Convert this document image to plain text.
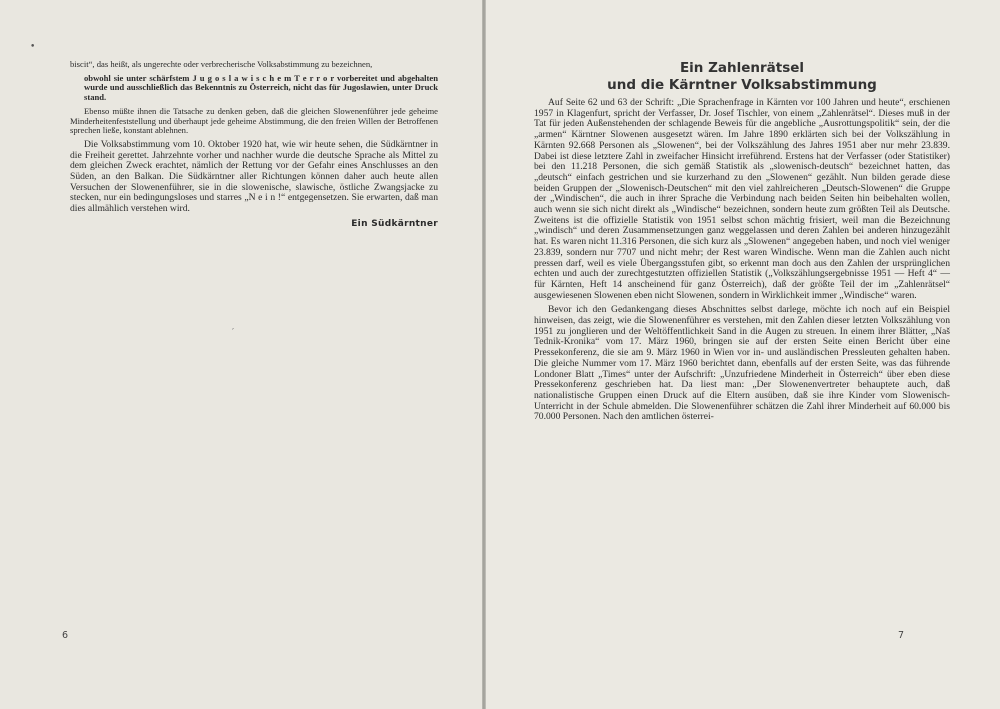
•

biscit“, das heißt, als ungerechte oder verbrecherische Volksabstimmung zu bezeichnen,

obwohl sie unter schärfstem J u g o s l a w i s c h e m T e r r o r vorbereitet und abgehalten wurde und ausschließlich das Bekenntnis zu Österreich, nicht das für Jugoslawien, unter Druck stand.

Ebenso müßte ihnen die Tatsache zu denken geben, daß die gleichen Slowenenführer jede geheime Minderheitenfeststellung und überhaupt jede geheime Abstimmung, die den freien Willen der Betroffenen sprechen ließe, konstant ablehnen.

Die Volksabstimmung vom 10. Oktober 1920 hat, wie wir heute sehen, die Südkärntner in die Freiheit gerettet. Jahrzehnte vorher und nachher wurde die deutsche Sprache als Mittel zu dem gleichen Zweck erachtet, nämlich der Rettung vor der Gefahr eines Anschlusses an den Süden, an den Balkan. Die Südkärntner aller Richtungen können daher auch heute allen Versuchen der Slowenenführer, sie in die slowenische, slawische, östliche Zwangsjacke zu stecken, nur ein bedingungsloses und starres „N e i n !“ entgegensetzen. Sie erwarten, daß man dies allmählich verstehen wird.

Ein Südkärntner
′
6
Ein Zahlenrätsel
und die Kärntner Volksabstimmung

Auf Seite 62 und 63 der Schrift: „Die Sprachenfrage in Kärnten vor 100 Jahren und heute“, erschienen 1957 in Klagenfurt, spricht der Verfasser, Dr. Josef Tischler, von einem „Zahlenrätsel“. Dieses muß in der Tat für jeden Außenstehenden der schlagende Beweis für die angebliche „Ausrottungspolitik“ sein, der die „armen“ Kärntner Slowenen ausgesetzt wären. Im Jahre 1890 erklärten sich bei der Volkszählung in Kärnten 92.668 Personen als „Slowenen“, bei der Volkszählung des Jahres 1951 aber nur mehr 23.839. Dabei ist diese letztere Zahl in zweifacher Hinsicht irreführend. Erstens hat der Verfasser (oder Statistiker) bei den 11.218 Personen, die sich gemäß Statistik als „slowenisch-deutsch“ bezeichnet hatten, das „deutsch“ einfach gestrichen und sie kurzerhand zu den „Slowenen“ gezählt. Nun bilden gerade diese beiden Gruppen der „Slowenisch-Deutschen“ mit den viel zahlreicheren „Deutsch-Slowenen“ die Gruppe der „Windischen“, die auch in ihrer Sprache die Verbindung nach beiden Seiten hin beibehalten wollen, auch wenn sie sich nicht direkt als „Windische“ bezeichnen, sondern heute zum größten Teil als Deutsche. Zweitens ist die offizielle Statistik von 1951 selbst schon mächtig frisiert, weil man die Bezeichnung „windisch“ und deren Zusammensetzungen ganz weggelassen und deren Zahlen bei anderen hinzugezählt hat. Es waren nicht 11.316 Personen, die sich kurz als „Slowenen“ angegeben haben, und noch viel weniger 23.839, sondern nur 7707 und nicht mehr; der Rest waren Windische. Wenn man die Zahlen auch nicht pressen darf, weil es viele Übergangsstufen gibt, so erkennt man doch aus den Zahlen der ursprünglichen echten und auch der zurechtgestutzten offiziellen Statistik („Volkszählungsergebnisse 1951 — Heft 4“ — für Kärnten, Heft 14 anscheinend für ganz Österreich), daß der größte Teil der im „Zahlenrätsel“ ausgewiesenen Slowenen eben nicht Slowenen, sondern in Wirklichkeit immer „Windische“ waren.

Bevor ich den Gedankengang dieses Abschnittes selbst darlege, möchte ich noch auf ein Beispiel hinweisen, das zeigt, wie die Slowenenführer es verstehen, mit den Zahlen dieser letzten Volkszählung von 1951 zu jonglieren und der Weltöffentlichkeit Sand in die Augen zu streuen. In einem ihrer Blätter, „Naš Tednik-Kronika“ vom 17. März 1960, bringen sie auf der ersten Seite einen Bericht über eine Pressekonferenz, die sie am 9. März 1960 in Wien vor in- und ausländischen Pressleuten gehalten haben. Die gleiche Nummer vom 17. März 1960 berichtet dann, ebenfalls auf der ersten Seite, was das führende Londoner Blatt „Times“ unter der Aufschrift: „Unzufriedene Minderheit in Österreich“ über eben diese Pressekonferenz geschrieben hat. Da liest man: „Der Slowenenvertreter behauptete auch, daß nationalistische Gruppen einen Druck auf die Eltern ausüben, daß sie ihre Kinder vom Slowenisch-Unterricht in der Schule abmelden. Die Slowenenführer schätzen die Zahl ihrer Minderheit auf 60.000 bis 70.000 Personen. Nach den amtlichen österrei-

7
